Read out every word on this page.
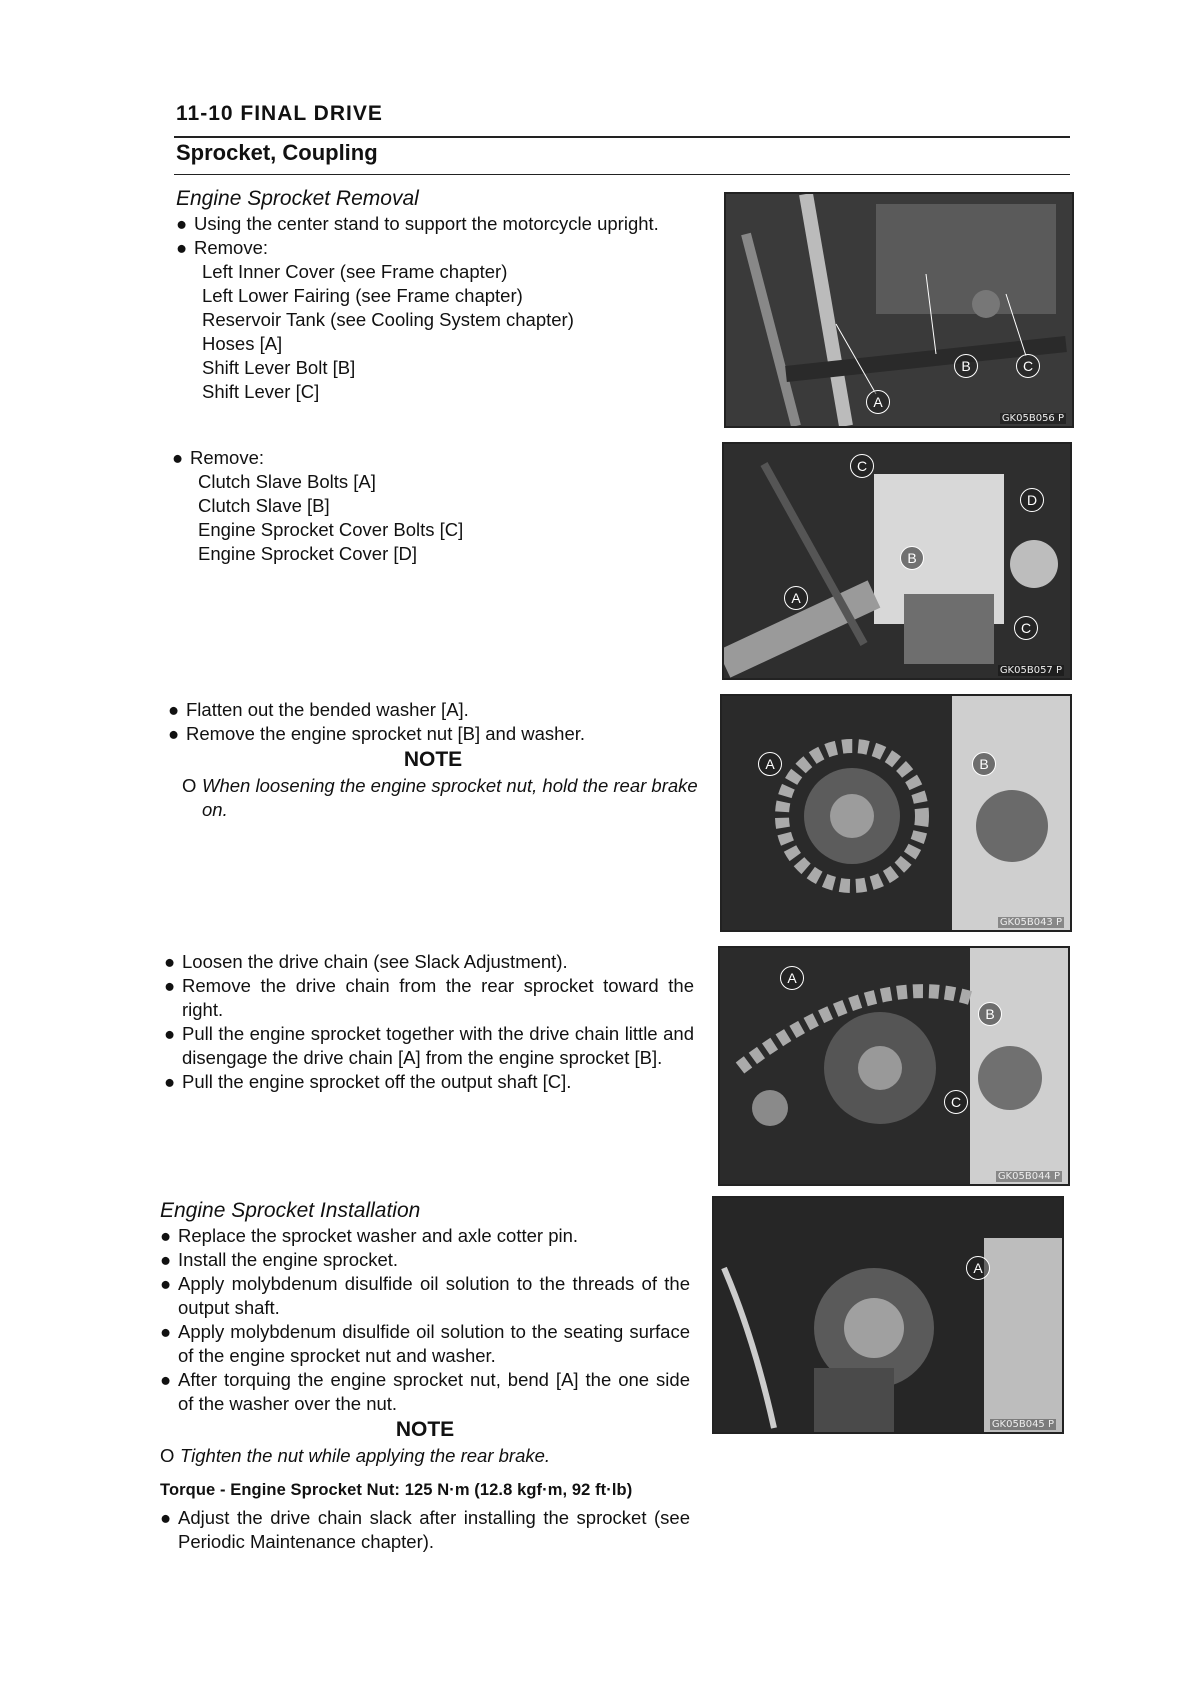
11-10 FINAL DRIVE
Sprocket, Coupling
Engine Sprocket Removal
● Using the center stand to support the motorcycle upright.
● Remove:
Left Inner Cover (see Frame chapter)
Left Lower Fairing (see Frame chapter)
Reservoir Tank (see Cooling System chapter)
Hoses [A]
Shift Lever Bolt [B]
Shift Lever [C]
● Remove:
Clutch Slave Bolts [A]
Clutch Slave [B]
Engine Sprocket Cover Bolts [C]
Engine Sprocket Cover [D]
● Flatten out the bended washer [A].
● Remove the engine sprocket nut [B] and washer.
NOTE
O When loosening the engine sprocket nut, hold the rear brake on.
● Loosen the drive chain (see Slack Adjustment).
● Remove the drive chain from the rear sprocket toward the right.
● Pull the engine sprocket together with the drive chain little and disengage the drive chain [A] from the engine sprocket [B].
● Pull the engine sprocket off the output shaft [C].
Engine Sprocket Installation
● Replace the sprocket washer and axle cotter pin.
● Install the engine sprocket.
● Apply molybdenum disulfide oil solution to the threads of the output shaft.
● Apply molybdenum disulfide oil solution to the seating surface of the engine sprocket nut and washer.
● After torquing the engine sprocket nut, bend [A] the one side of the washer over the nut.
NOTE
O Tighten the nut while applying the rear brake.
Torque - Engine Sprocket Nut: 125 N·m (12.8 kgf·m, 92 ft·lb)
● Adjust the drive chain slack after installing the sprocket (see Periodic Maintenance chapter).
A
B	C
GK05B056 P
C
D
B
A
C
GK05B057 P
A	B
GK05B043 P
A
B
C
GK05B044 P
A
GK05B045 P
